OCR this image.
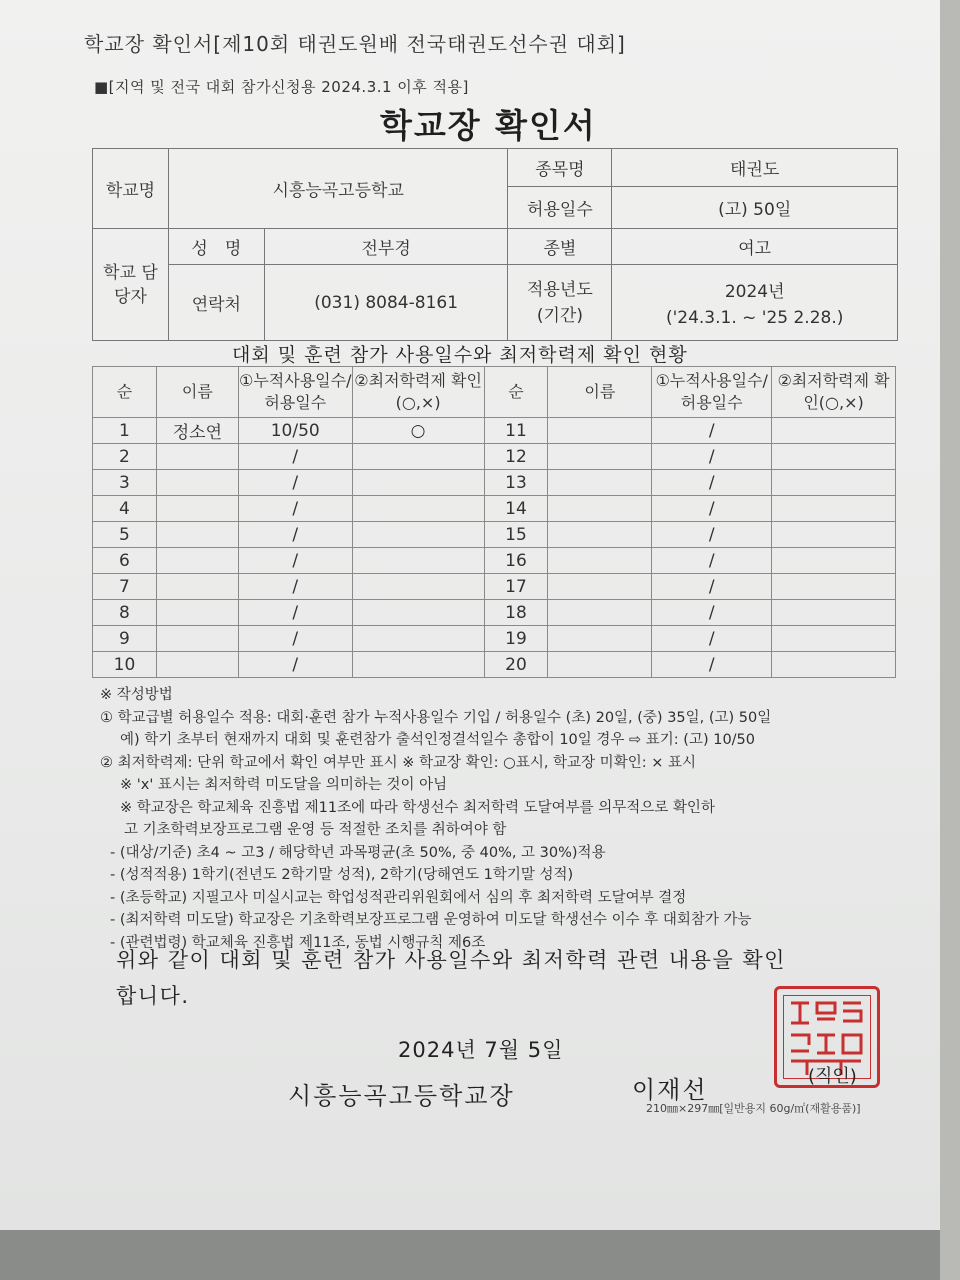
학교장 확인서[제10회 태권도원배 전국태권도선수권 대회]
■[지역 및 전국 대회 참가신청용 2024.3.1 이후 적용]
학교장 확인서
학교명	시흥능곡고등학교		종목명	태권도
			허용일수	(고) 50일
학교 담당자	성　명	전부경	종별	여고
	연락처	(031) 8084-8161	적용년도 (기간)	2024년
('24.3.1. ~ '25 2.28.)
대회 및 훈련 참가 사용일수와 최저학력제 확인 현황
순	이름	①누적사용일수/허용일수	②최저학력제 확인(○,×)	순	이름	①누적사용일수/허용일수	②최저학력제 확인(○,×)
1	정소연	10/50	○	11		/	
2		/		12		/	
3		/		13		/	
4		/		14		/	
5		/		15		/	
6		/		16		/	
7		/		17		/	
8		/		18		/	
9		/		19		/	
10		/		20		/	
※ 작성방법
① 학교급별 허용일수 적용: 대회·훈련 참가 누적사용일수 기입 / 허용일수 (초) 20일, (중) 35일, (고) 50일
예) 학기 초부터 현재까지 대회 및 훈련참가 출석인정결석일수 총합이 10일 경우 ⇨ 표기: (고) 10/50
② 최저학력제: 단위 학교에서 확인 여부만 표시 ※ 학교장 확인: ○표시, 학교장 미확인: × 표시
※ 'x' 표시는 최저학력 미도달을 의미하는 것이 아님
※ 학교장은 학교체육 진흥법 제11조에 따라 학생선수 최저학력 도달여부를 의무적으로 확인하
고 기초학력보장프로그램 운영 등 적절한 조치를 취하여야 함
- (대상/기준) 초4 ~ 고3 / 해당학년 과목평균(초 50%, 중 40%, 고 30%)적용
- (성적적용) 1학기(전년도 2학기말 성적), 2학기(당해연도 1학기말 성적)
- (초등학교) 지필고사 미실시교는 학업성적관리위원회에서 심의 후 최저학력 도달여부 결정
- (최저학력 미도달) 학교장은 기초학력보장프로그램 운영하여 미도달 학생선수 이수 후 대회참가 가능
- (관련법령) 학교체육 진흥법 제11조, 동법 시행규칙 제6조
위와 같이 대회 및 훈련 참가 사용일수와 최저학력 관련 내용을 확인
합니다.
2024년 7월 5일
시흥능곡고등학교장	이재선	(직인)
210㎜×297㎜[일반용지 60g/㎡(재활용품)]
